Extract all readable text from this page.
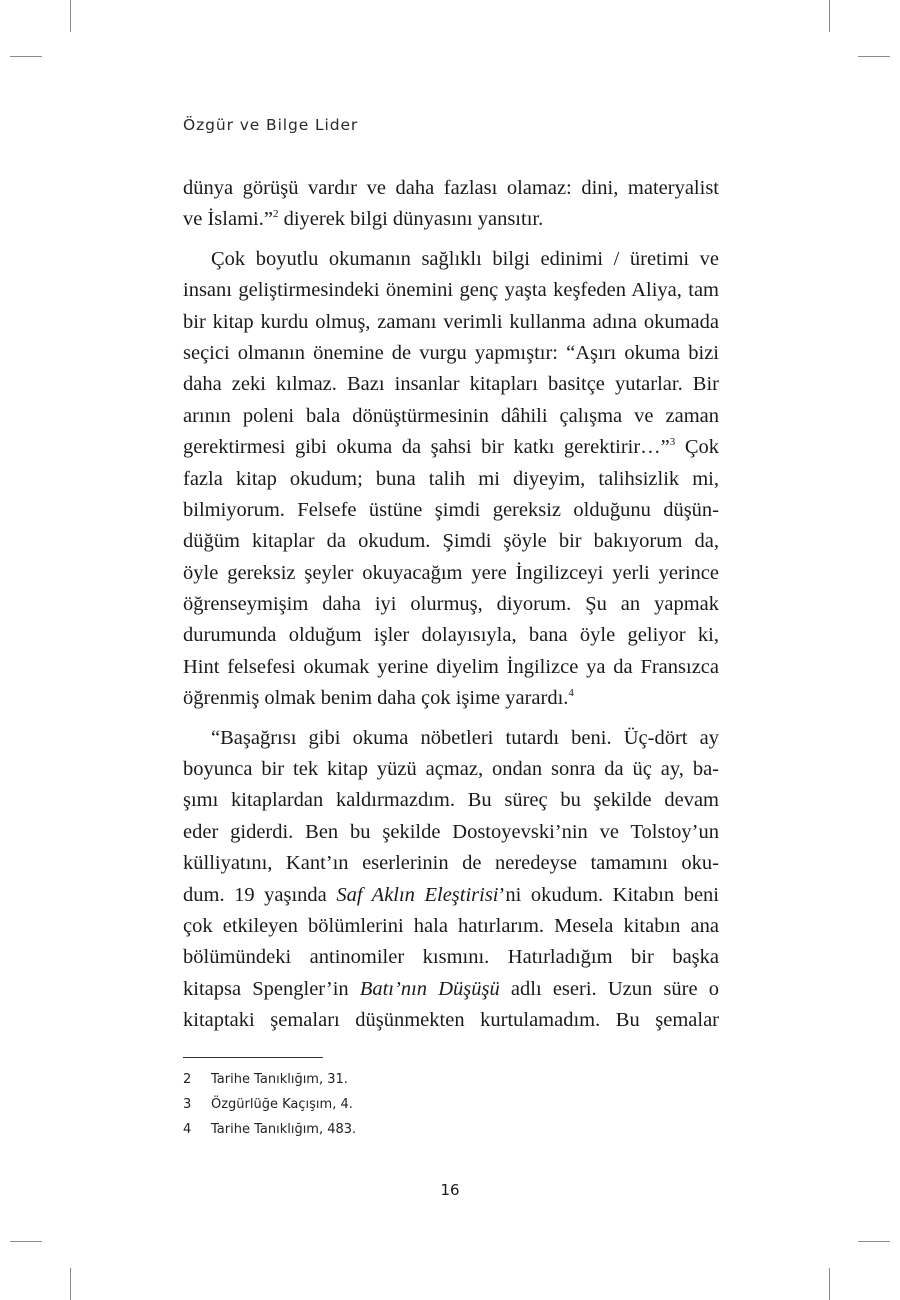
Özgür ve Bilge Lider

dünya görüşü vardır ve daha fazlası olamaz: dini, materyalist
ve İslami.”$^2$ diyerek bilgi dünyasını yansıtır.
Çok boyutlu okumanın sağlıklı bilgi edinimi / üretimi ve
insanı geliştirmesindeki önemini genç yaşta keşfeden Aliya, tam
bir kitap kurdu olmuş, zamanı verimli kullanma adına okumada
seçici olmanın önemine de vurgu yapmıştır: “Aşırı okuma bizi
daha zeki kılmaz. Bazı insanlar kitapları basitçe yutarlar. Bir
arının poleni bala dönüştürmesinin dâhili çalışma ve zaman
gerektirmesi gibi okuma da şahsi bir katkı gerektirir…”$^3$ Çok
fazla kitap okudum; buna talih mi diyeyim, talihsizlik mi,
bilmiyorum. Felsefe üstüne şimdi gereksiz olduğunu düşün-
düğüm kitaplar da okudum. Şimdi şöyle bir bakıyorum da,
öyle gereksiz şeyler okuyacağım yere İngilizceyi yerli yerince
öğrenseymişim daha iyi olurmuş, diyorum. Şu an yapmak
durumunda olduğum işler dolayısıyla, bana öyle geliyor ki,
Hint felsefesi okumak yerine diyelim İngilizce ya da Fransızca
öğrenmiş olmak benim daha çok işime yarardı.$^4$
“Başağrısı gibi okuma nöbetleri tutardı beni. Üç-dört ay
boyunca bir tek kitap yüzü açmaz, ondan sonra da üç ay, ba-
şımı kitaplardan kaldırmazdım. Bu süreç bu şekilde devam
eder giderdi. Ben bu şekilde Dostoyevski’nin ve Tolstoy’un
külliyatını, Kant’ın eserlerinin de neredeyse tamamını oku-
dum. 19 yaşında Saf Aklın Eleştirisi’ni okudum. Kitabın beni
çok etkileyen bölümlerini hala hatırlarım. Mesela kitabın ana
bölümündeki antinomiler kısmını. Hatırladığım bir başka
kitapsa Spengler’in Batı’nın Düşüşü adlı eseri. Uzun süre o
kitaptaki şemaları düşünmekten kurtulamadım. Bu şemalar
2	Tarihe Tanıklığım, 31.
3	Özgürlüğe Kaçışım, 4.
4	Tarihe Tanıklığım, 483.
16
